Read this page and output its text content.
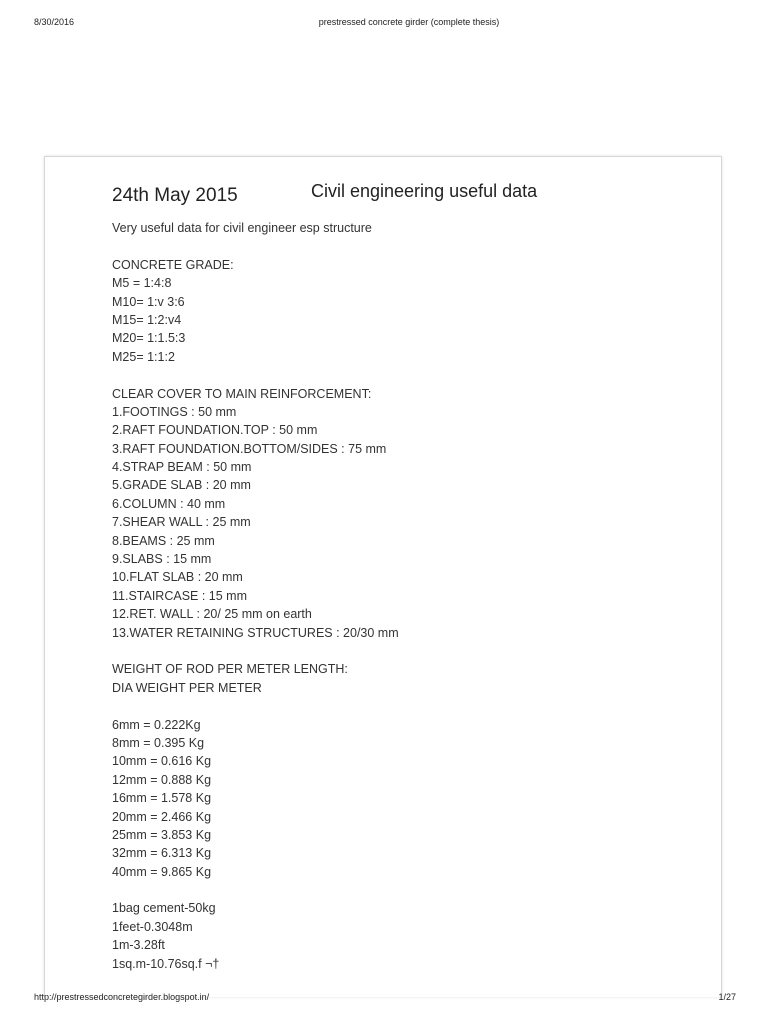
8/30/2016	prestressed concrete girder (complete thesis)
24th May 2015	Civil engineering useful data
Very useful data for civil engineer esp structure
CONCRETE GRADE:
M5 = 1:4:8
M10= 1:v 3:6
M15= 1:2:v4
M20= 1:1.5:3
M25= 1:1:2
CLEAR COVER TO MAIN REINFORCEMENT:
1.FOOTINGS : 50 mm
2.RAFT FOUNDATION.TOP : 50 mm
3.RAFT FOUNDATION.BOTTOM/SIDES : 75 mm
4.STRAP BEAM : 50 mm
5.GRADE SLAB : 20 mm
6.COLUMN : 40 mm
7.SHEAR WALL : 25 mm
8.BEAMS : 25 mm
9.SLABS : 15 mm
10.FLAT SLAB : 20 mm
11.STAIRCASE : 15 mm
12.RET. WALL : 20/ 25 mm on earth
13.WATER RETAINING STRUCTURES : 20/30 mm
WEIGHT OF ROD PER METER LENGTH:
DIA WEIGHT PER METER
6mm = 0.222Kg
8mm = 0.395 Kg
10mm = 0.616 Kg
12mm = 0.888 Kg
16mm = 1.578 Kg
20mm = 2.466 Kg
25mm = 3.853 Kg
32mm = 6.313 Kg
40mm = 9.865 Kg
1bag cement-50kg
1feet-0.3048m
1m-3.28ft
1sq.m-10.76sq.f ¬†
http://prestressedconcretegirder.blogspot.in/	1/27
